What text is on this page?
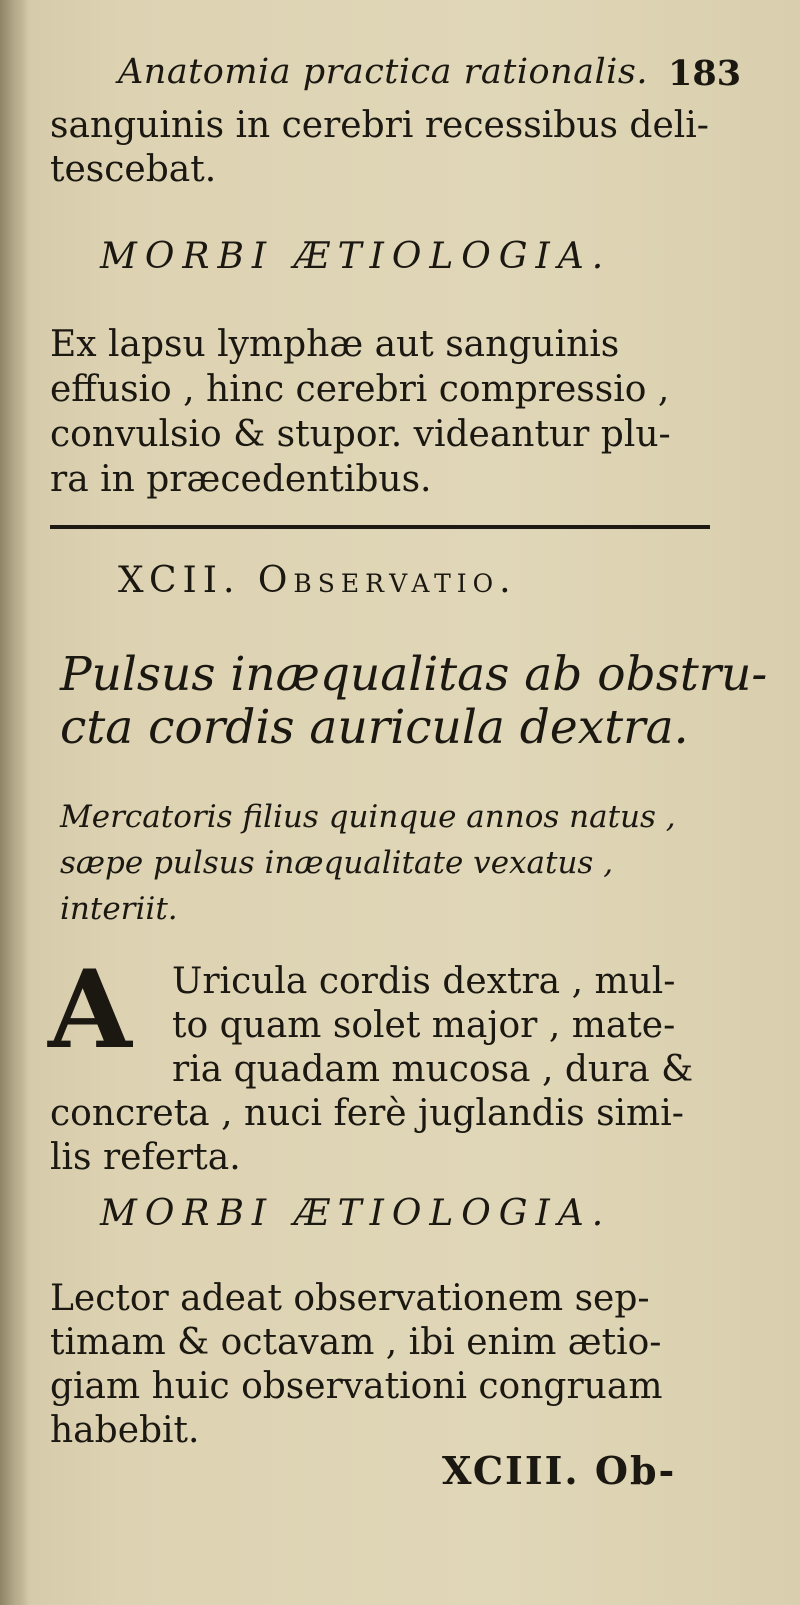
Anatomia practica rationalis. 183
sanguinis in cerebri recessibus deli-
tescebat.
MORBI ÆTIOLOGIA.
Ex lapsu lymphæ aut sanguinis
effusio , hinc cerebri compressio ,
convulsio & stupor. videantur plu-
ra in præcedentibus.
XCII. Observatio.
Pulsus inæqualitas ab obstru-
cta cordis auricula dextra.
Mercatoris filius quinque annos natus ,
sæpe pulsus inæqualitate vexatus ,
interiit.
A Uricula cordis dextra , mul-
to quam solet major , mate-
ria quadam mucosa , dura &
concreta , nuci ferè juglandis simi-
lis referta.
MORBI ÆTIOLOGIA.
Lector adeat observationem sep-
timam & octavam , ibi enim ætio-
giam huic observationi congruam
habebit.
XCIII. Ob-
